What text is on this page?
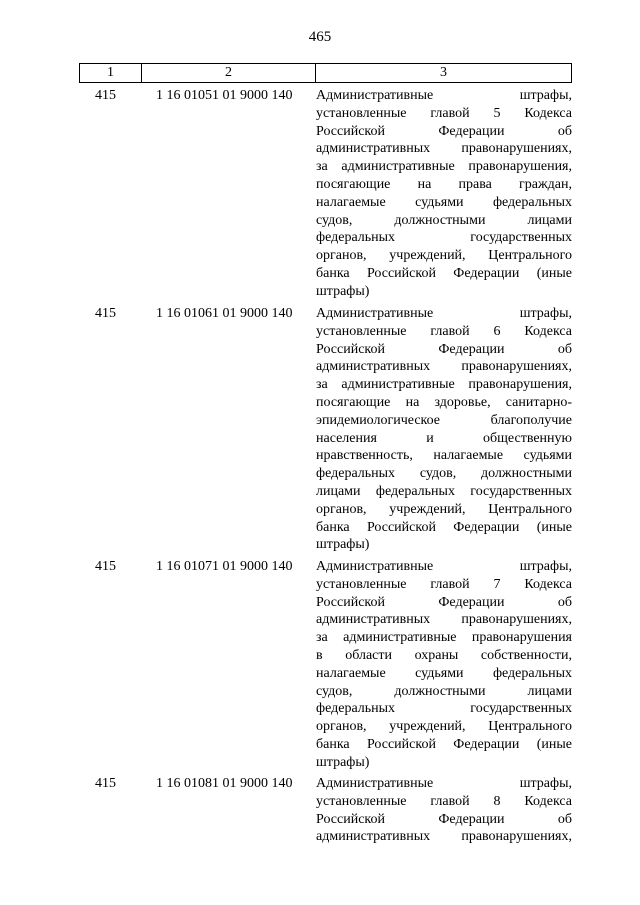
465
1	2	3
415	1 16 01051 01 9000 140 Административные штрафы,
установленные главой 5 Кодекса
Российской Федерации об
административных правонарушениях,
за административные правонарушения,
посягающие на права граждан,
налагаемые судьями федеральных
судов, должностными лицами
федеральных государственных
органов, учреждений, Центрального
банка Российской Федерации (иные
штрафы)
415	1 16 01061 01 9000 140 Административные штрафы,
установленные главой 6 Кодекса
Российской Федерации об
административных правонарушениях,
за административные правонарушения,
посягающие на здоровье, санитарно-
эпидемиологическое благополучие
населения и общественную
нравственность, налагаемые судьями
федеральных судов, должностными
лицами федеральных государственных
органов, учреждений, Центрального
банка Российской Федерации (иные
штрафы)
415	1 16 01071 01 9000 140 Административные штрафы,
установленные главой 7 Кодекса
Российской Федерации об
административных правонарушениях,
за административные правонарушения
в области охраны собственности,
налагаемые судьями федеральных
судов, должностными лицами
федеральных государственных
органов, учреждений, Центрального
банка Российской Федерации (иные
штрафы)
415	1 16 01081 01 9000 140 Административные штрафы,
установленные главой 8 Кодекса
Российской Федерации об
административных правонарушениях,
